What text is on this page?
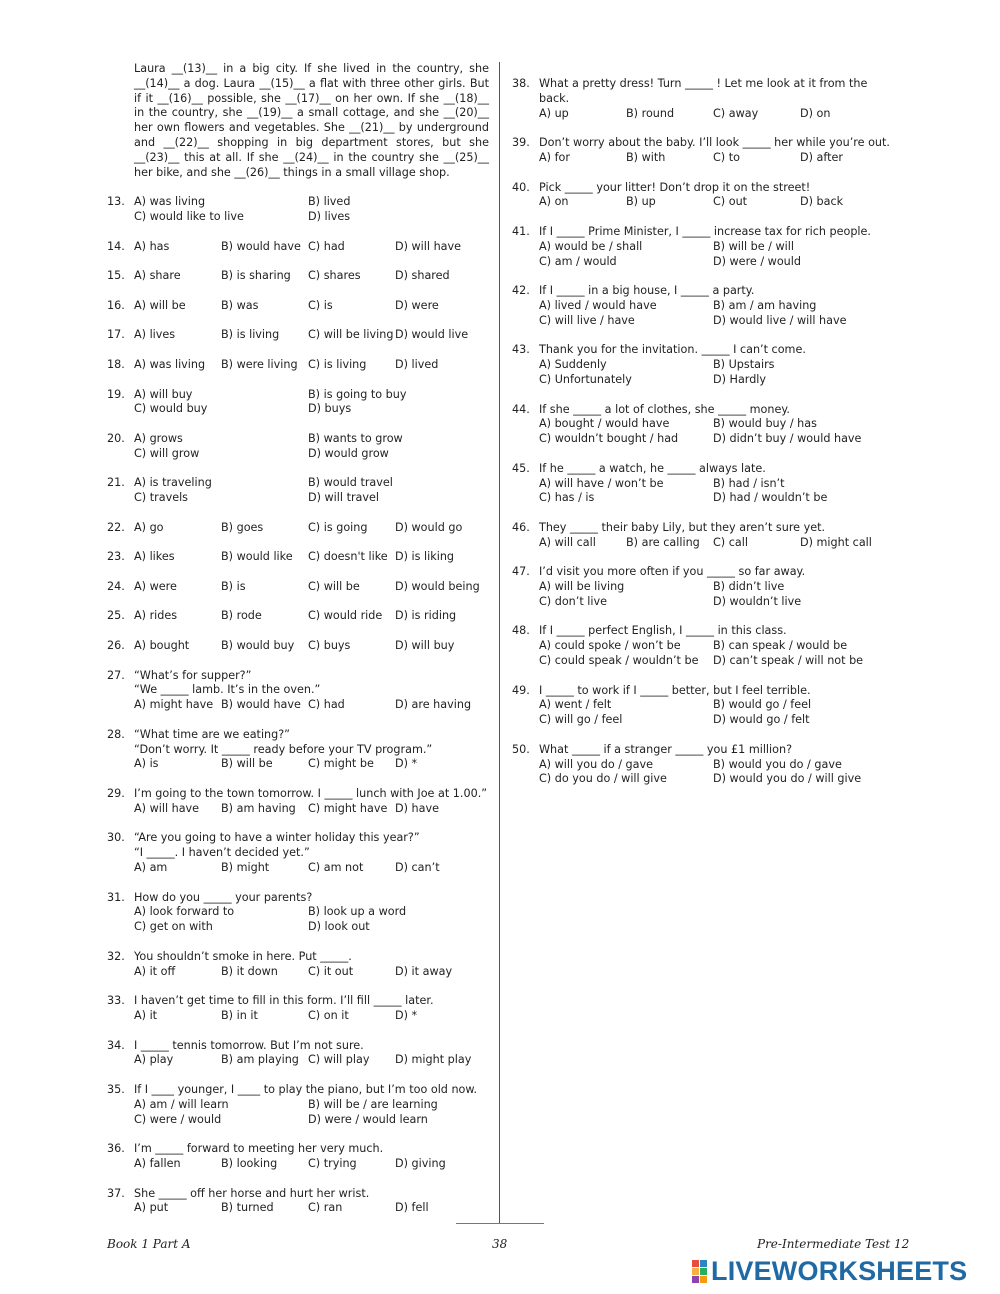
Laura __(13)__ in a big city. If she lived in the country, she __(14)__ a dog. Laura __(15)__ a flat with three other girls. But if it __(16)__ possible, she __(17)__ on her own. If she __(18)__ in the country, she __(19)__ a small cottage, and she __(20)__ her own flowers and vegetables. She __(21)__ by underground and __(22)__ shopping in big department stores, but she __(23)__ this at all. If she __(24)__ in the country she __(25)__ her bike, and she __(26)__ things in a small village shop.
13. A) was living	B) lived
C) would like to live	D) lives
14. A) has	B) would have C) had	D) will have
15. A) share	B) is sharing	C) shares	D) shared
16. A) will be	B) was	C) is	D) were
17. A) lives	B) is living	C) will be living D) would live
18. A) was living	B) were living C) is living	D) lived
19. A) will buy	B) is going to buy
C) would buy	D) buys
20. A) grows	B) wants to grow
C) will grow	D) would grow
21. A) is traveling	B) would travel
C) travels	D) will travel
22. A) go	B) goes	C) is going	D) would go
23. A) likes	B) would like	C) doesn't like D) is liking
24. A) were	B) is	C) will be	D) would being
25. A) rides	B) rode	C) would ride	D) is riding
26. A) bought	B) would buy	C) buys	D) will buy
27. “What’s for supper?”
“We _____ lamb. It’s in the oven.”
A) might have B) would have C) had	D) are having
28. “What time are we eating?”
“Don’t worry. It _____ ready before your TV program.”
A) is	B) will be	C) might be	D) *
29. I’m going to the town tomorrow. I _____ lunch with Joe at 1.00.”
A) will have	B) am having	C) might have D) have
30. “Are you going to have a winter holiday this year?”
“I _____. I haven’t decided yet.”
A) am	B) might	C) am not	D) can’t
31. How do you _____ your parents?
A) look forward to	B) look up a word
C) get on with	D) look out
32. You shouldn’t smoke in here. Put _____.
A) it off	B) it down	C) it out	D) it away
33. I haven’t get time to fill in this form. I’ll fill _____ later.
A) it	B) in it	C) on it	D) *
34. I _____ tennis tomorrow. But I’m not sure.
A) play	B) am playing C) will play	D) might play
35. If I ____ younger, I ____ to play the piano, but I’m too old now.
A) am / will learn	B) will be / are learning
C) were / would	D) were / would learn
36. I’m _____ forward to meeting her very much.
A) fallen	B) looking	C) trying	D) giving
37. She _____ off her horse and hurt her wrist.
A) put	B) turned	C) ran	D) fell
38. What a pretty dress! Turn _____ ! Let me look at it from the back.
A) up	B) round	C) away	D) on
39. Don’t worry about the baby. I’ll look _____ her while you’re out.
A) for	B) with	C) to	D) after
40. Pick _____ your litter! Don’t drop it on the street!
A) on	B) up	C) out	D) back
41. If I _____ Prime Minister, I _____ increase tax for rich people.
A) would be / shall	B) will be / will
C) am / would	D) were / would
42. If I _____ in a big house, I _____ a party.
A) lived / would have	B) am / am having
C) will live / have	D) would live / will have
43. Thank you for the invitation. _____ I can’t come.
A) Suddenly	B) Upstairs
C) Unfortunately	D) Hardly
44. If she _____ a lot of clothes, she _____ money.
A) bought / would have	B) would buy / has
C) wouldn’t bought / had	D) didn’t buy / would have
45. If he _____ a watch, he _____ always late.
A) will have / won’t be	B) had / isn’t
C) has / is	D) had / wouldn’t be
46. They _____ their baby Lily, but they aren’t sure yet.
A) will call	B) are calling	C) call	D) might call
47. I’d visit you more often if you _____ so far away.
A) will be living	B) didn’t live
C) don’t live	D) wouldn’t live
48. If I _____ perfect English, I _____ in this class.
A) could spoke / won’t be	B) can speak / would be
C) could speak / wouldn’t be	D) can’t speak / will not be
49. I _____ to work if I _____ better, but I feel terrible.
A) went / felt	B) would go / feel
C) will go / feel	D) would go / felt
50. What _____ if a stranger _____ you £1 million?
A) will you do / gave	B) would you do / gave
C) do you do / will give	D) would you do / will give
Book 1 Part A	38	Pre-Intermediate Test 12
LIVEWORKSHEETS
